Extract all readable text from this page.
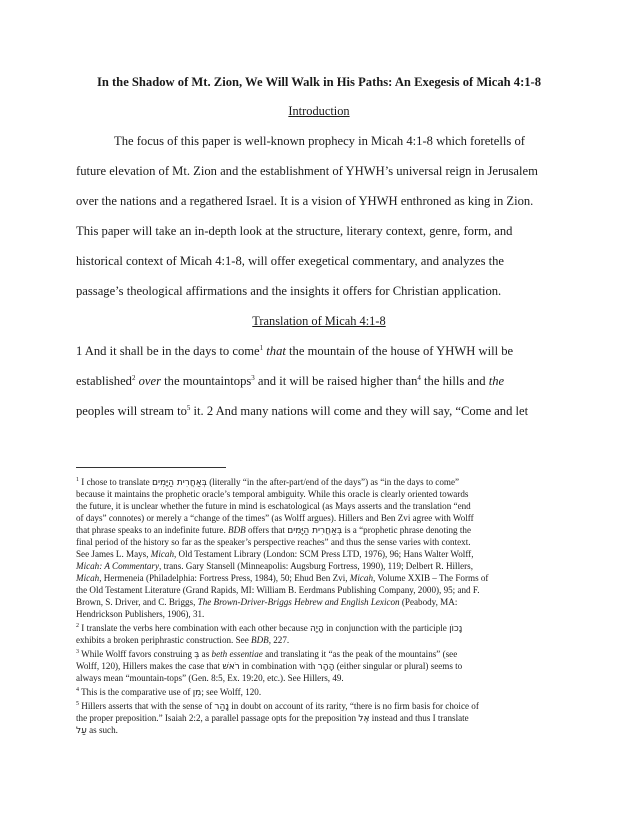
In the Shadow of Mt. Zion, We Will Walk in His Paths: An Exegesis of Micah 4:1-8
Introduction
The focus of this paper is well-known prophecy in Micah 4:1-8 which foretells of
future elevation of Mt. Zion and the establishment of YHWH’s universal reign in Jerusalem
over the nations and a regathered Israel. It is a vision of YHWH enthroned as king in Zion.
This paper will take an in-depth look at the structure, literary context, genre, form, and
historical context of Micah 4:1-8, will offer exegetical commentary, and analyzes the
passage’s theological affirmations and the insights it offers for Christian application.
Translation of Micah 4:1-8
1 And it shall be in the days to come$^1$ that the mountain of the house of YHWH will be
established$^2$ over the mountaintops$^3$ and it will be raised higher than$^4$ the hills and the
peoples will stream $to^5$ it. 2 And many nations will come and they will say, “Come and let
$^1$ I chose to translate בְּאַחֲרִית הַיָּמִים (literally “in the after-part/end of the days”) as “in the days to come”
because it maintains the prophetic oracle’s temporal ambiguity. While this oracle is clearly oriented towards
the future, it is unclear whether the future in mind is eschatological (as Mays asserts and the translation “end
of days” connotes) or merely a “change of the times” (as Wolff argues). Hillers and Ben Zvi agree with Wolff
that phrase speaks to an indefinite future. BDB offers that בְּאַחֲרִית הַיָּמִים is a “prophetic phrase denoting the
final period of the history so far as the speaker’s perspective reaches” and thus the sense varies with context.
See James L. Mays, Micah, Old Testament Library (London: SCM Press LTD, 1976), 96; Hans Walter Wolff,
Micah: A Commentary, trans. Gary Stansell (Minneapolis: Augsburg Fortress, 1990), 119; Delbert R. Hillers,
Micah, Hermeneia (Philadelphia: Fortress Press, 1984), 50; Ehud Ben Zvi, Micah, Volume XXIB – The Forms of
the Old Testament Literature (Grand Rapids, MI: William B. Eerdmans Publishing Company, 2000), 95; and F.
Brown, S. Driver, and C. Briggs, The Brown-Driver-Briggs Hebrew and English Lexicon (Peabody, MA:
Hendrickson Publishers, 1906), 31.
$^2$ I translate the verbs here combination with each other because הָיָה in conjunction with the participle נָכוֹן
exhibits a broken periphrastic construction. See BDB, 227.
$^3$ While Wolff favors construing בְּ as beth essentiae and translating it “as the peak of the mountains” (see
Wolff, 120), Hillers makes the case that רֹאשׁ in combination with הָהָר (either singular or plural) seems to
always mean “mountain-tops” (Gen. 8:5, Ex. 19:20, etc.). See Hillers, 49.
$^4$ This is the comparative use of מִן; see Wolff, 120.
$^5$ Hillers asserts that with the sense of נָהַר in doubt on account of its rarity, “there is no firm basis for choice of
the proper preposition.” Isaiah 2:2, a parallel passage opts for the preposition אֶל instead and thus I translate
עַל as such.
